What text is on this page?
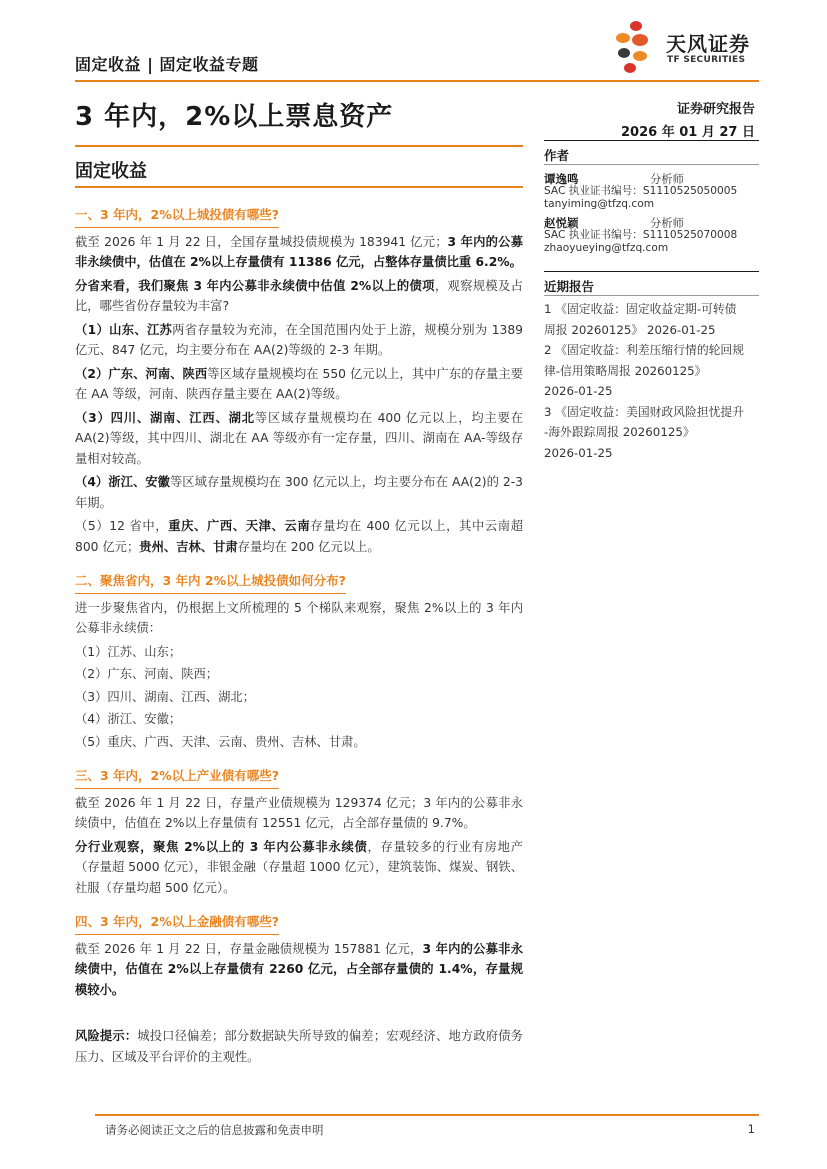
固定收益 | 固定收益专题
天风证券
TF SECURITIES
3 年内，2%以上票息资产	证券研究报告
2026 年 01 月 27 日
固定收益
作者
谭逸鸣	分析师
SAC 执业证书编号：S1110525050005
tanyiming@tfzq.com
赵悦颖	分析师
SAC 执业证书编号：S1110525070008
zhaoyueying@tfzq.com
近期报告
1 《固定收益：固定收益定期-可转债
周报 20260125》 2026-01-25
2 《固定收益：利差压缩行情的轮回规
律-信用策略周报 20260125》
2026-01-25
3 《固定收益：美国财政风险担忧提升
-海外跟踪周报 20260125》
2026-01-25
一、3 年内，2%以上城投债有哪些?

截至 2026 年 1 月 22 日，全国存量城投债规模为 183941 亿元；3 年内的公募非永续债中，估值在 2%以上存量债有 11386 亿元，占整体存量债比重 6.2%。

分省来看，我们聚焦 3 年内公募非永续债中估值 2%以上的债项，观察规模及占比，哪些省份存量较为丰富?

（1）山东、江苏两省存量较为充沛，在全国范围内处于上游，规模分别为 1389 亿元、847 亿元，均主要分布在 AA(2)等级的 2-3 年期。

（2）广东、河南、陕西等区域存量规模均在 550 亿元以上，其中广东的存量主要在 AA 等级，河南、陕西存量主要在 AA(2)等级。

（3）四川、湖南、江西、湖北等区域存量规模均在 400 亿元以上，均主要在 AA(2)等级，其中四川、湖北在 AA 等级亦有一定存量，四川、湖南在 AA-等级存量相对较高。

（4）浙江、安徽等区域存量规模均在 300 亿元以上，均主要分布在 AA(2)的 2-3 年期。

（5）12 省中，重庆、广西、天津、云南存量均在 400 亿元以上，其中云南超 800 亿元；贵州、吉林、甘肃存量均在 200 亿元以上。

二、聚焦省内，3 年内 2%以上城投债如何分布?

进一步聚焦省内，仍根据上文所梳理的 5 个梯队来观察，聚焦 2%以上的 3 年内公募非永续债：

（1）江苏、山东；

（2）广东、河南、陕西；

（3）四川、湖南、江西、湖北；

（4）浙江、安徽；

（5）重庆、广西、天津、云南、贵州、吉林、甘肃。

三、3 年内，2%以上产业债有哪些?

截至 2026 年 1 月 22 日，存量产业债规模为 129374 亿元；3 年内的公募非永续债中，估值在 2%以上存量债有 12551 亿元，占全部存量债的 9.7%。

分行业观察，聚焦 2%以上的 3 年内公募非永续债，存量较多的行业有房地产（存量超 5000 亿元），非银金融（存量超 1000 亿元），建筑装饰、煤炭、钢铁、社服（存量均超 500 亿元）。

四、3 年内，2%以上金融债有哪些?

截至 2026 年 1 月 22 日，存量金融债规模为 157881 亿元，3 年内的公募非永续债中，估值在 2%以上存量债有 2260 亿元，占全部存量债的 1.4%，存量规模较小。

风险提示：城投口径偏差；部分数据缺失所导致的偏差；宏观经济、地方政府债务压力、区域及平台评价的主观性。

请务必阅读正文之后的信息披露和免责申明	1
